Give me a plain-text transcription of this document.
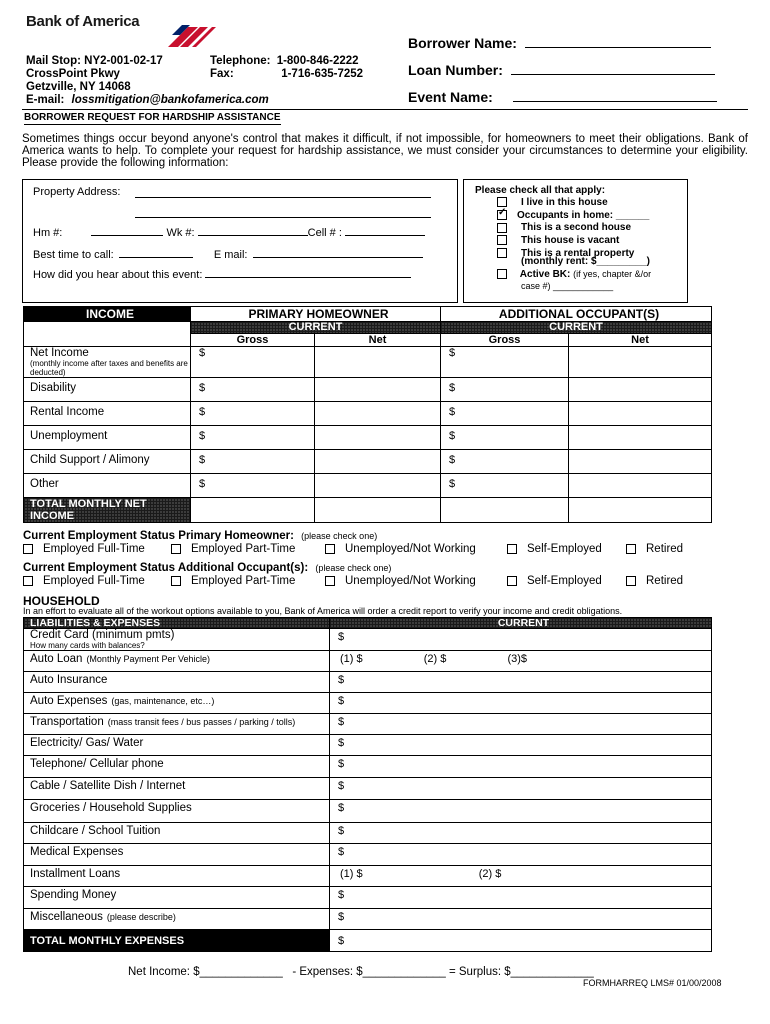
Bank of America
Mail Stop: NY2-001-02-17
CrossPoint Pkwy
Getzville, NY 14068
E-mail: lossmitigation@bankofamerica.com
Telephone: 1-800-846-2222
Fax:	1-716-635-7252
Borrower Name:
Loan Number:
Event Name:
BORROWER REQUEST FOR HARDSHIP ASSISTANCE
Sometimes things occur beyond anyone's control that makes it difficult, if not impossible, for homeowners to meet their obligations. Bank of America wants to help. To complete your request for hardship assistance, we must consider your circumstances to determine your eligibility. Please provide the following information:
Property Address:
Hm #:	Wk #:	Cell # :
Best time to call:	E mail:
How did you hear about this event:
Please check all that apply:
I live in this house
✓Occupants in home: ______
This is a second house
This house is vacant
This is a rental property
(monthly rent: $_________)
Active BK: (if yes, chapter &/or
case #) ____________
INCOME	PRIMARY HOMEOWNER		ADDITIONAL OCCUPANT(S)	
	CURRENT		CURRENT	
	Gross	Net	Gross	Net
Net Income
(monthly income after taxes and benefits are deducted)	$		$	
Disability	$		$	
Rental Income	$		$	
Unemployment	$		$	
Child Support / Alimony	$		$	
Other	$		$	
TOTAL MONTHLY NET INCOME				
Current Employment Status Primary Homeowner: (please check one)
Employed Full-Time	Employed Part-Time	Unemployed/Not Working	Self-Employed	Retired
Current Employment Status Additional Occupant(s): (please check one)
Employed Full-Time	Employed Part-Time	Unemployed/Not Working	Self-Employed	Retired
HOUSEHOLD
In an effort to evaluate all of the workout options available to you, Bank of America will order a credit report to verify your income and credit obligations.
LIABILITIES & EXPENSES	CURRENT
Credit Card (minimum pmts)
How many cards with balances?	$
Auto Loan (Monthly Payment Per Vehicle)	(1) $                    (2) $                    (3)$
Auto Insurance	$
Auto Expenses (gas, maintenance, etc…)	$
Transportation (mass transit fees / bus passes / parking / tolls)	$
Electricity/ Gas/ Water	$
Telephone/ Cellular phone	$
Cable / Satellite Dish / Internet	$
Groceries / Household Supplies	$
Childcare / School Tuition	$
Medical Expenses	$
Installment Loans	(1) $                                      (2) $
Spending Money	$
Miscellaneous (please describe)	$
TOTAL MONTHLY EXPENSES	$
Net Income: $_____________   - Expenses: $_____________ = Surplus: $_____________
FORMHARREQ LMS# 01/00/2008
